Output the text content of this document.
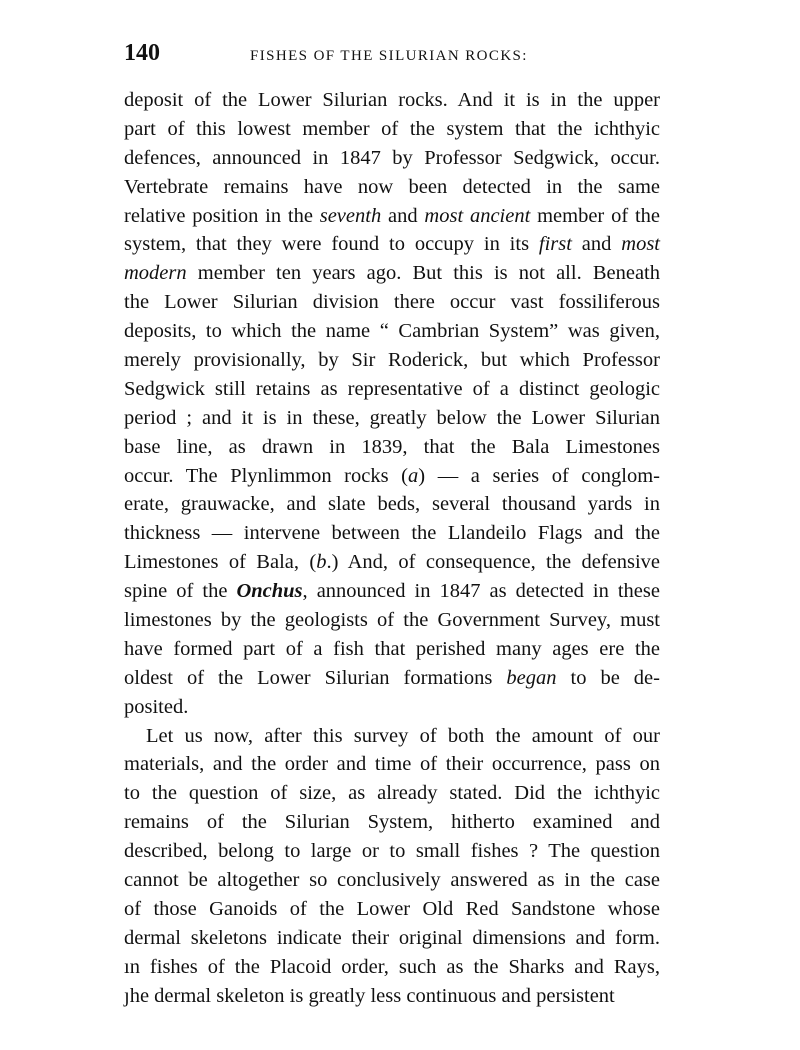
140	FISHES OF THE SILURIAN ROCKS:
deposit of the Lower Silurian rocks. And it is in the upper
part of this lowest member of the system that the ichthyic
defences, announced in 1847 by Professor Sedgwick, occur.
Vertebrate remains have now been detected in the same
relative position in the seventh and most ancient member of the
system, that they were found to occupy in its first and most
modern member ten years ago. But this is not all. Beneath
the Lower Silurian division there occur vast fossiliferous
deposits, to which the name “ Cambrian System” was given,
merely provisionally, by Sir Roderick, but which Professor
Sedgwick still retains as representative of a distinct geologic
period ; and it is in these, greatly below the Lower Silurian
base line, as drawn in 1839, that the Bala Limestones
occur. The Plynlimmon rocks (a) — a series of conglom-
erate, grauwacke, and slate beds, several thousand yards in
thickness — intervene between the Llandeilo Flags and the
Limestones of Bala, (b.) And, of consequence, the defensive
spine of the Onchus, announced in 1847 as detected in these
limestones by the geologists of the Government Survey, must
have formed part of a fish that perished many ages ere the
oldest of the Lower Silurian formations began to be de-
posited.
Let us now, after this survey of both the amount of our
materials, and the order and time of their occurrence, pass on
to the question of size, as already stated. Did the ichthyic
remains of the Silurian System, hitherto examined and
described, belong to large or to small fishes ? The question
cannot be altogether so conclusively answered as in the case
of those Ganoids of the Lower Old Red Sandstone whose
dermal skeletons indicate their original dimensions and form.
ın fishes of the Placoid order, such as the Sharks and Rays,
ȷhe dermal skeleton is greatly less continuous and persistent
